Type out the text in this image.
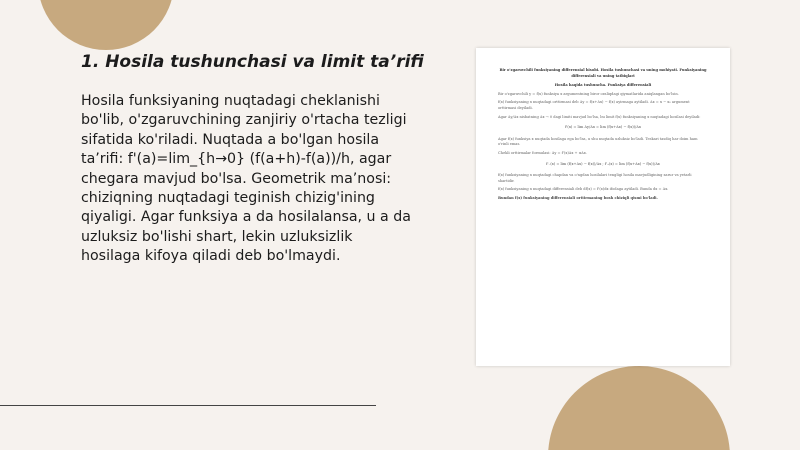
1. Hosila tushunchasi va limit ta’rifi

Hosila funksiyaning nuqtadagi cheklanishi bo'lib, o'zgaruvchining zanjiriy o'rtacha tezligi sifatida ko'riladi. Nuqtada a bo'lgan hosila ta’rifi: f'(a)=lim_{h→0} (f(a+h)-f(a))/h, agar chegara mavjud bo'lsa. Geometrik ma’nosi: chiziqning nuqtadagi teginish chizig'ining qiyaligi. Agar funksiya a da hosilalansa, u a da uzluksiz bo'lishi shart, lekin uzluksizlik hosilaga kifoya qiladi deb bo'lmaydi.

Bir o'zgaruvchili funksiyaning differensial hisobi. Hosila tushunchasi va uning mohiyati. Funksiyaning differensiali va uning tatbiqlari

Hosila haqida tushuncha. Funksiya differensiali

Bir o'zgaruvchili y = f(x) funksiya x argumentning biror oraliqdagi qiymatlarida aniqlangan bo'lsin.

f(x) funksiyaning x nuqtadagi orttirmasi deb Δy = f(x+Δx) − f(x) ayirmaga aytiladi. Δx = x − x₀ argument orttirmasi deyiladi.

Agar Δy/Δx nisbatning Δx → 0 dagi limiti mavjud bo'lsa, bu limit f(x) funksiyaning x nuqtadagi hosilasi deyiladi:

f'(x) = lim Δy/Δx = lim (f(x+Δx) − f(x))/Δx

Agar f(x) funksiya x nuqtada hosilaga ega bo'lsa, u shu nuqtada uzluksiz bo'ladi. Teskari tasdiq har doim ham o'rinli emas.

Chekli orttirmalar formulasi: Δy = f'(x)Δx + αΔx.

f'₋(x) = lim (f(x+Δx) − f(x))/Δx ; f'₊(x) = lim (f(x+Δx) − f(x))/Δx

f(x) funksiyaning x nuqtadagi chapdan va o'ngdan hosilalari tengligi hosila mavjudligining zarur va yetarli shartidir.

f(x) funksiyaning x nuqtadagi differensiali deb df(x) = f'(x)dx ifodaga aytiladi. Bunda dx = Δx.

Bundan f(x) funksiyaning differensiali orttirmaning bosh chiziqli qismi bo'ladi.
